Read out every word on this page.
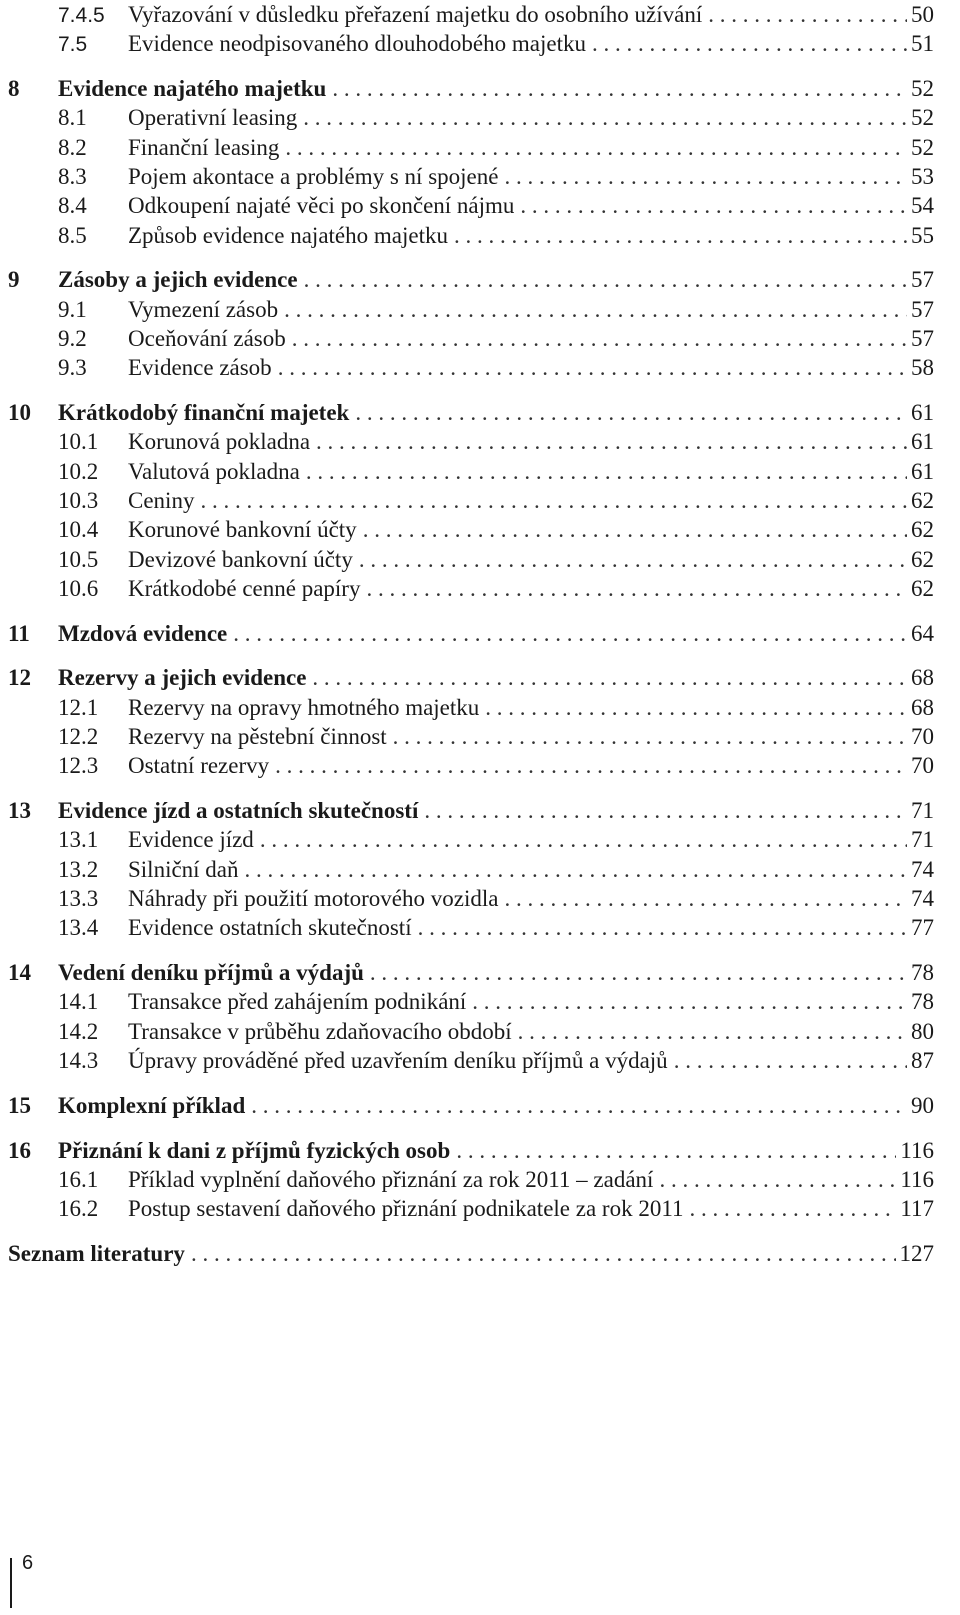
7.4.5	Vyřazování v důsledku přeřazení majetku do osobního užívání . . .	50
7.5	Evidence neodpisovaného dlouhodobého majetku . . .	51
8	Evidence najatého majetku . . .	52
8.1	Operativní leasing . . .	52
8.2	Finanční leasing . . .	52
8.3	Pojem akontace a problémy s ní spojené . . .	53
8.4	Odkoupení najaté věci po skončení nájmu . . .	54
8.5	Způsob evidence najatého majetku . . .	55
9	Zásoby a jejich evidence . . .	57
9.1	Vymezení zásob . . .	57
9.2	Oceňování zásob . . .	57
9.3	Evidence zásob . . .	58
10	Krátkodobý finanční majetek . . .	61
10.1	Korunová pokladna . . .	61
10.2	Valutová pokladna . . .	61
10.3	Ceniny . . .	62
10.4	Korunové bankovní účty . . .	62
10.5	Devizové bankovní účty . . .	62
10.6	Krátkodobé cenné papíry . . .	62
11	Mzdová evidence . . .	64
12	Rezervy a jejich evidence . . .	68
12.1	Rezervy na opravy hmotného majetku . . .	68
12.2	Rezervy na pěstební činnost . . .	70
12.3	Ostatní rezervy . . .	70
13	Evidence jízd a ostatních skutečností . . .	71
13.1	Evidence jízd . . .	71
13.2	Silniční daň . . .	74
13.3	Náhrady při použití motorového vozidla . . .	74
13.4	Evidence ostatních skutečností . . .	77
14	Vedení deníku příjmů a výdajů . . .	78
14.1	Transakce před zahájením podnikání . . .	78
14.2	Transakce v průběhu zdaňovacího období . . .	80
14.3	Úpravy prováděné před uzavřením deníku příjmů a výdajů . . .	87
15	Komplexní příklad . . .	90
16	Přiznání k dani z příjmů fyzických osob . . .	116
16.1	Příklad vyplnění daňového přiznání za rok 2011 – zadání . . .	116
16.2	Postup sestavení daňového přiznání podnikatele za rok 2011 . . .	117
Seznam literatury . . .	127
6
